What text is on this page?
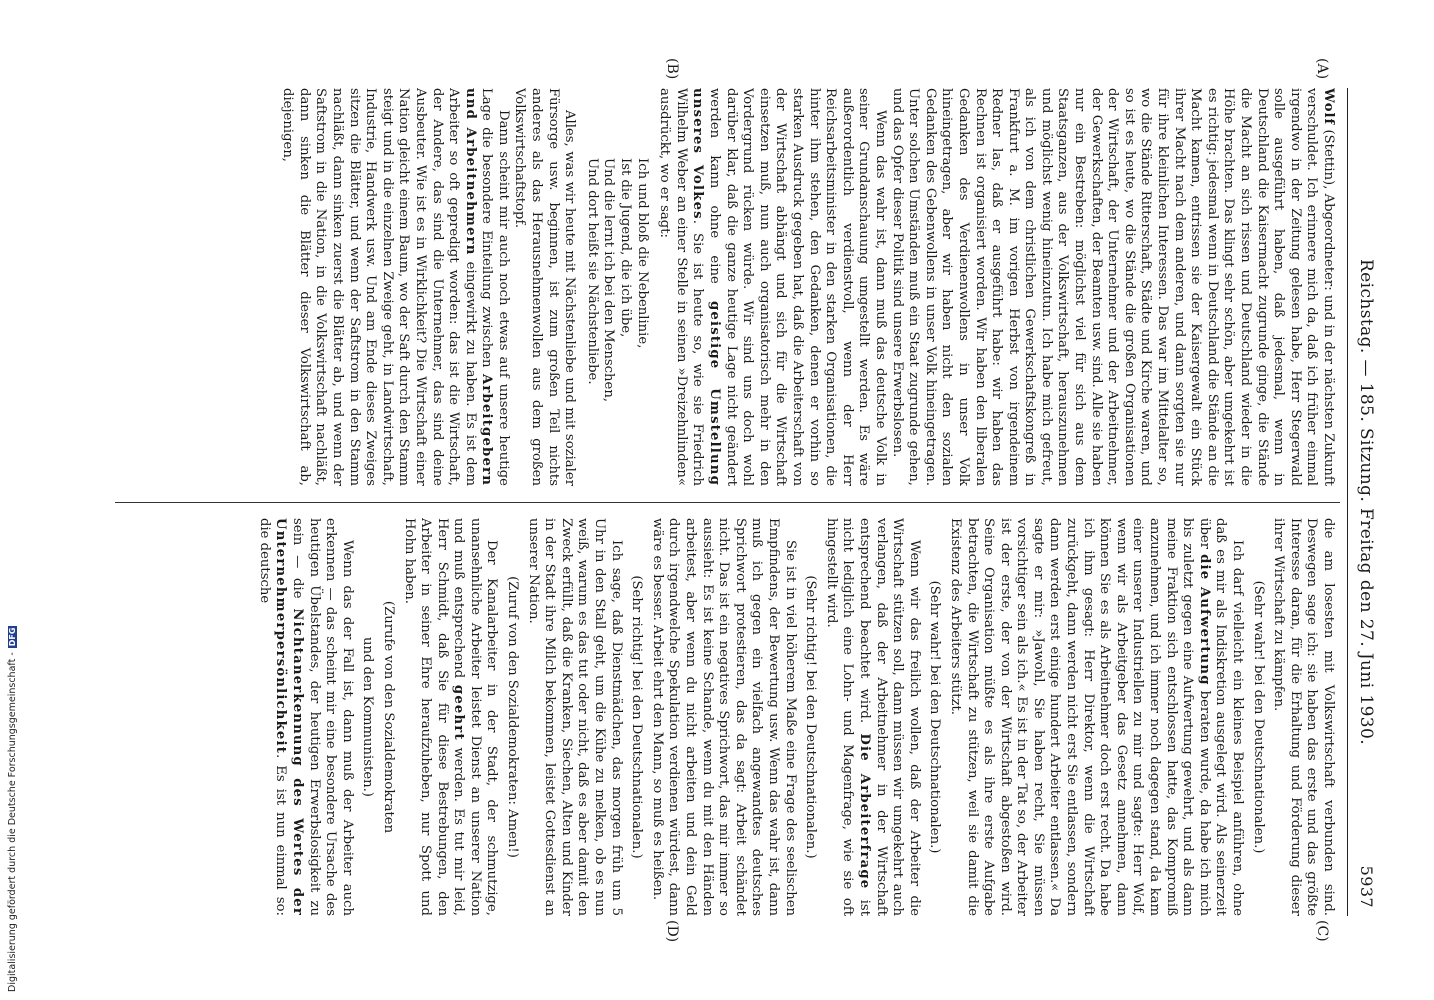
Reichstag. — 185. Sitzung. Freitag den 27. Juni 1930.
5937
(A)
(B)
(C)
(D)

Wolf (Stettin), Abgeordneter: und in der nächsten Zukunft verschuldet. Ich erinnere mich da, daß ich früher einmal irgendwo in der Zeitung gelesen habe, Herr Stegerwald solle ausgeführt haben, daß jedesmal, wenn in Deutschland die Kaisermacht zugrunde ginge, die Stände die Macht an sich rissen und Deutschland wieder in die Höhe brachten. Das klingt sehr schön, aber umgekehrt ist es richtig: jedesmal wenn in Deutschland die Stände an die Macht kamen, entrissen sie der Kaisergewalt ein Stück ihrer Macht nach dem anderen, und dann sorgten sie nur für ihre kleinlichen Interessen. Das war im Mittelalter so, wo die Stände Ritterschaft, Städte und Kirche waren, und so ist es heute, wo die Stände die großen Organisationen der Wirtschaft, der Unternehmer und der Arbeitnehmer, der Gewerkschaften, der Beamten usw. sind. Alle sie haben nur ein Bestreben: möglichst viel für sich aus dem Staatsganzen, aus der Volkswirtschaft, herauszunehmen und möglichst wenig hineinzutun. Ich habe mich gefreut, als ich von dem christlichen Gewerkschaftskongreß in Frankfurt a. M. im vorigen Herbst von irgendeinem Redner las, daß er ausgeführt habe: wir haben das Rechnen ist organisiert worden. Wir haben den liberalen Gedanken des Verdienenwollens in unser Volk hineingetragen, aber wir haben nicht den sozialen Gedanken des Gebenwollens in unser Volk hineingetragen. Unter solchen Umständen muß ein Staat zugrunde gehen, und das Opfer dieser Politik sind unsere Erwerbslosen.

Wenn das wahr ist, dann muß das deutsche Volk in seiner Grundanschauung umgestellt werden. Es wäre außerordentlich verdienstvoll, wenn der Herr Reichsarbeitsminister in den starken Organisationen, die hinter ihm stehen, den Gedanken, denen er vorhin so starken Ausdruck gegeben hat, daß die Arbeiterschaft von der Wirtschaft abhängt und sich für die Wirtschaft einsetzen muß, nun auch organisatorisch mehr in den Vordergrund rücken würde. Wir sind uns doch wohl darüber klar, daß die ganze heutige Lage nicht geändert werden kann ohne eine geistige Umstellung unseres Volkes. Sie ist heute so, wie sie Friedrich Wilhelm Weber an einer Stelle in seinen »Dreizehnlinden« ausdrückt, wo er sagt:

Ich und bloß die Nebenlinie,

Ist die Jugend, die ich übe,

Und die lernt ich bei den Menschen,

Und dort heißt sie Nächstenliebe.

Alles, was wir heute mit Nächstenliebe und mit sozialer Fürsorge usw. beginnen, ist zum großen Teil nichts anderes als das Herausnehmenwollen aus dem großen Volkswirtschaftstopf.

Dann scheint mir auch noch etwas auf unsere heutige Lage die besondere Einteilung zwischen Arbeitgebern und Arbeitnehmern eingewirkt zu haben. Es ist dem Arbeiter so oft gepredigt worden: das ist die Wirtschaft, der Andere, das sind die Unternehmer, das sind deine Ausbeuter. Wie ist es in Wirklichkeit? Die Wirtschaft einer Nation gleicht einem Baum, wo der Saft durch den Stamm steigt und in die einzelnen Zweige geht, in Landwirtschaft, Industrie, Handwerk usw. Und am Ende dieses Zweiges sitzen die Blätter, und wenn der Saftstrom in den Stamm nachläßt, dann sinken zuerst die Blätter ab, und wenn der Saftstrom in die Nation, in die Volkswirtschaft nachläßt, dann sinken die Blätter dieser Volkswirtschaft ab, diejenigen,

die am losesten mit Volkswirtschaft verbunden sind. Deswegen sage ich: sie haben das erste und das größte Interesse daran, für die Erhaltung und Förderung dieser ihrer Wirtschaft zu kämpfen.

(Sehr wahr! bei den Deutschnationalen.)

Ich darf vielleicht ein kleines Beispiel anführen, ohne daß es mir als Indiskretion ausgelegt wird. Als seinerzeit über die Aufwertung beraten wurde, da habe ich mich bis zuletzt gegen eine Aufwertung gewehrt, und als dann meine Fraktion sich entschlossen hatte, das Kompromiß anzunehmen, und ich immer noch dagegen stand, da kam einer unserer Industriellen zu mir und sagte: Herr Wolf, wenn wir als Arbeitgeber das Gesetz annehmen, dann können Sie es als Arbeitnehmer doch erst recht. Da habe ich ihm gesagt: Herr Direktor, wenn die Wirtschaft zurückgeht, dann werden nicht erst Sie entlassen, sondern dann werden erst einige hundert Arbeiter entlassen.« Da sagte er mir: »Jawohl, Sie haben recht, Sie müssen vorsichtiger sein als ich.« Es ist in der Tat so, der Arbeiter ist der erste, der von der Wirtschaft abgestoßen wird. Seine Organisation müßte es als ihre erste Aufgabe betrachten, die Wirtschaft zu stützen, weil sie damit die Existenz des Arbeiters stützt.

(Sehr wahr! bei den Deutschnationalen.)

Wenn wir das freilich wollen, daß der Arbeiter die Wirtschaft stützen soll, dann müssen wir umgekehrt auch verlangen, daß der Arbeitnehmer in der Wirtschaft entsprechend beachtet wird. Die Arbeiterfrage ist nicht lediglich eine Lohn- und Magenfrage, wie sie oft hingestellt wird.

(Sehr richtig! bei den Deutschnationalen.)

Sie ist in viel höherem Maße eine Frage des seelischen Empfindens, der Bewertung usw. Wenn das wahr ist, dann muß ich gegen ein vielfach angewandtes deutsches Sprichwort protestieren, das da sagt: Arbeit schändet nicht. Das ist ein negatives Sprichwort, das mir immer so aussieht: Es ist keine Schande, wenn du mit den Händen arbeitest, aber wenn du nicht arbeiten und dein Geld durch irgendwelche Spekulation verdienen würdest, dann wäre es besser. Arbeit ehrt den Mann, so muß es heißen.

(Sehr richtig! bei den Deutschnationalen.)

Ich sage, daß Dienstmädchen, das morgen früh um 5 Uhr in den Stall geht, um die Kühe zu melken, ob es nun weiß, warum es das tut oder nicht, daß es aber damit den Zweck erfüllt, daß die Kranken, Siechen, Alten und Kinder in der Stadt ihre Milch bekommen, leistet Gottesdienst an unserer Nation.

(Zuruf von den Sozialdemokraten: Amen!)

Der Kanalarbeiter in der Stadt, der schmutzige, unansehnliche Arbeiter leistet Dienst an unserer Nation und muß entsprechend geehrt werden. Es tut mir leid, Herr Schmidt, daß Sie für diese Bestrebungen, den Arbeiter in seiner Ehre heraufzuheben, nur Spott und Hohn haben.

(Zurufe von den Sozialdemokraten

und den Kommunisten.)

Wenn das der Fall ist, dann muß der Arbeiter auch erkennen — das scheint mir eine besondere Ursache des heutigen Übelstandes, der heutigen Erwerbslosigkeit zu sein — die Nichtanerkennung des Wertes der Unternehmerpersönlichkeit. Es ist nun einmal so: die deutsche

Digitalisierung gefördert durch die Deutsche Forschungsgemeinschaft -DFG
